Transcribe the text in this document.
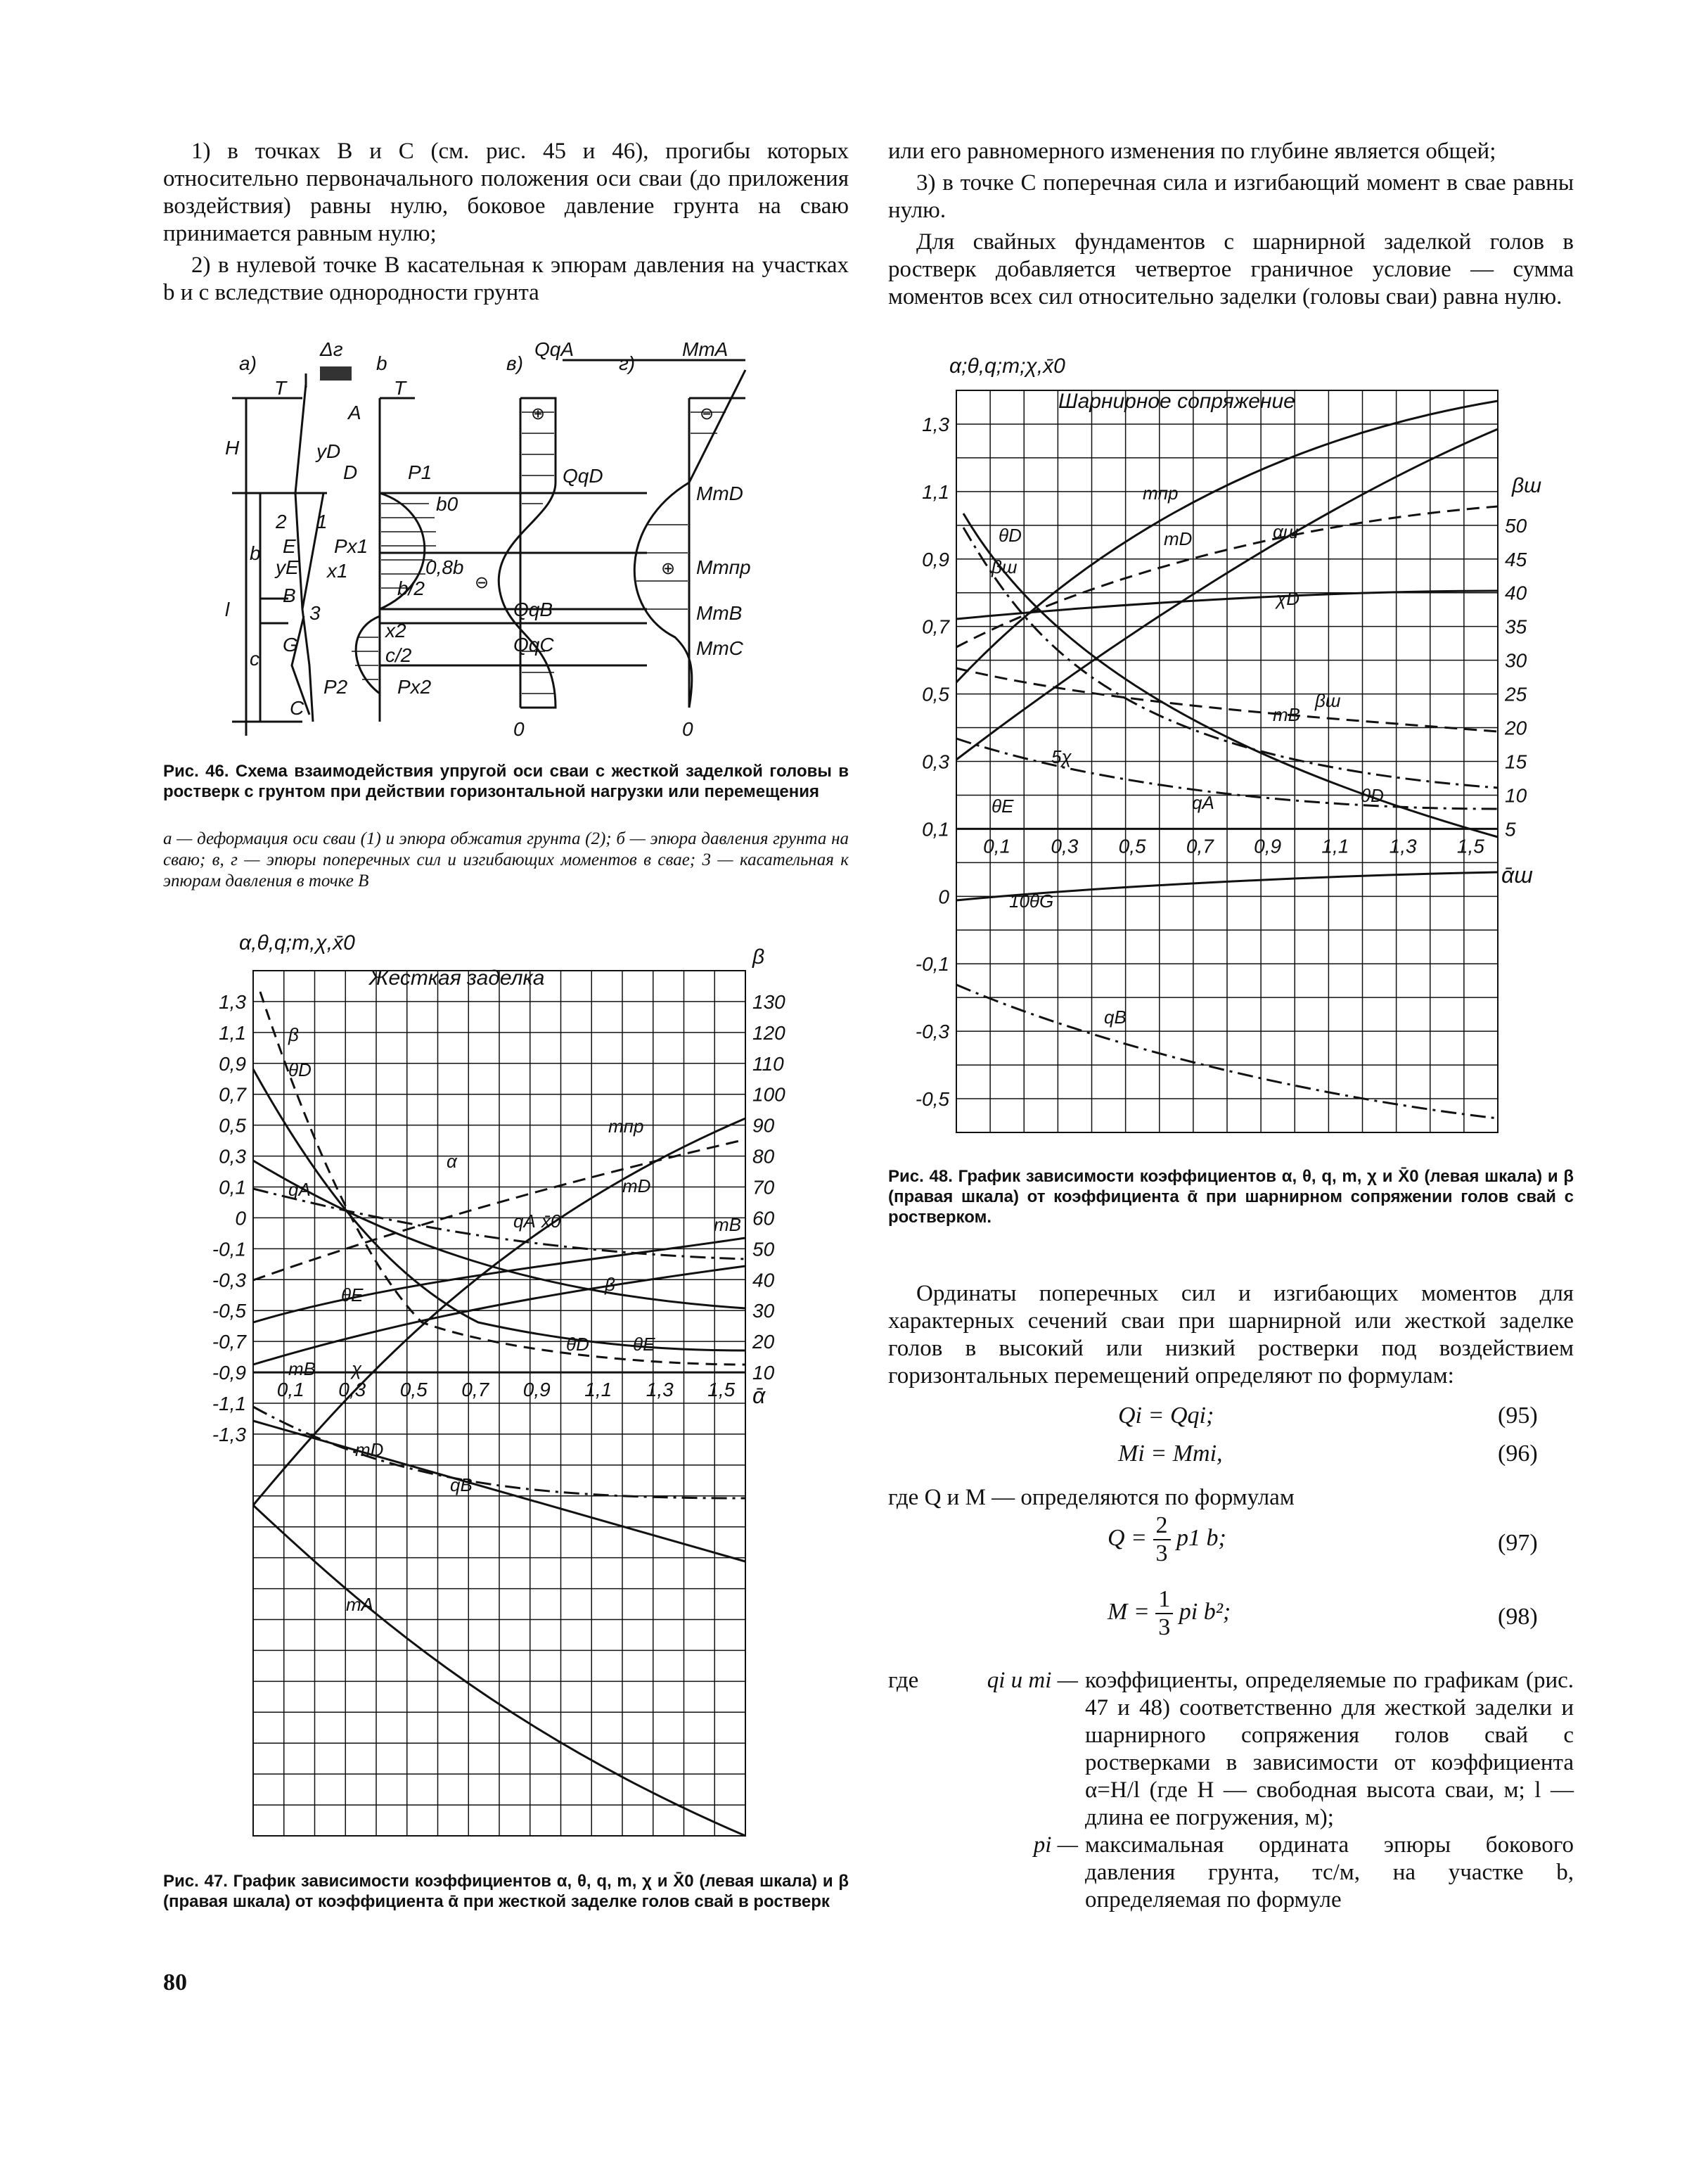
1) в точках B и C (см. рис. 45 и 46), прогибы которых относительно первоначального положения оси сваи (до приложения воздействия) равны нулю, боковое давление грунта на сваю принимается равным нулю;

2) в нулевой точке B касательная к эпюрам давления на участках b и c вследствие однородности грунта

а)
Δг
b	в)	г)
T	T
A
yD
D
H
b
l
c
2 1
E
yE
B
3
G
C
x1
Px1
P1
b0
0,8b
b/2
x2
c/2
P2	Px2
QqA
QqD
QqB
QqC
MmA
MmD
Mmпр
MmB
MmC
0	0
⊕	⊖
⊖
⊕
Рис. 46. Схема взаимодействия упругой оси сваи с жесткой заделкой головы в ростверк с грунтом при действии горизонтальной нагрузки или перемещения
а — деформация оси сваи (1) и эпюра обжатия грунта (2); б — эпюра давления грунта на сваю; в, г — эпюры поперечных сил и изгибающих моментов в свае; 3 — касательная к эпюрам давления в точке B
1,3
1,1
0,9
0,7
0,5
0,3
0,1
0
-0,1
-0,3
-0,5
-0,7
-0,9
-1,1
-1,3
130
120
110
100
90
80
70
60
50
40
30
20
10
0,1 0,3 0,5 0,7 0,9 1,1 1,3 1,5
α,θ,q;m,χ,x̄0
β
Жесткая заделка
ᾱ
β
θD
qA
α
mпр
mD
mB
qA x̄0
θE	β
θD θE
mB χ
mD
qB
mA
Рис. 47. График зависимости коэффициентов α, θ, q, m, χ и X̄0 (левая шкала) и β (правая шкала) от коэффициента ᾱ при жесткой заделке голов свай в ростверк

или его равномерного изменения по глубине является общей;

3) в точке C поперечная сила и изгибающий момент в свае равны нулю.

Для свайных фундаментов с шарнирной заделкой голов в ростверк добавляется четвертое граничное условие — сумма моментов всех сил относительно заделки (головы сваи) равна нулю.

1,3
1,1
0,9
0,7
0,5
0,3
0,1
0
-0,1
-0,3
-0,5
50
45
40
35
30
25
20
15
10
5
0,1 0,3 0,5 0,7 0,9 1,1 1,3 1,5
α;θ,q;m;χ,x̄0
βш
Шарнирное сопряжение
ᾱш
mпр
mD	αш
θD
βш
χD
mB
βш
5χ
qA
θE	θD
10θG
qB
Рис. 48. График зависимости коэффициентов α, θ, q, m, χ и X̄0 (левая шкала) и β (правая шкала) от коэффициента ᾱ при шарнирном сопряжении голов свай с ростверком.

Ординаты поперечных сил и изгибающих моментов для характерных сечений сваи при шарнирной или жесткой заделке голов в высокий или низкий ростверки под воздействием горизонтальных перемещений определяют по формулам:

Qi = Qqi;	(95)
Mi = Mmi,	(96)
где Q и M — определяются по формулам
$Q = \frac{2}{3} p1$ b;	(97)
$M = \frac{1}{3}$ pi b²;	(98)
где	qi и mi — коэффициенты, определяемые по графикам (рис. 47 и 48) соответственно для жесткой заделки и шарнирного сопряжения голов свай с ростверками в зависимости от коэффициента α=H/l (где H — свободная высота сваи, м; l — длина ее погружения, м);
pi — максимальная ордината эпюры бокового давления грунта, тс/м, на участке b, определяемая по формуле
80
